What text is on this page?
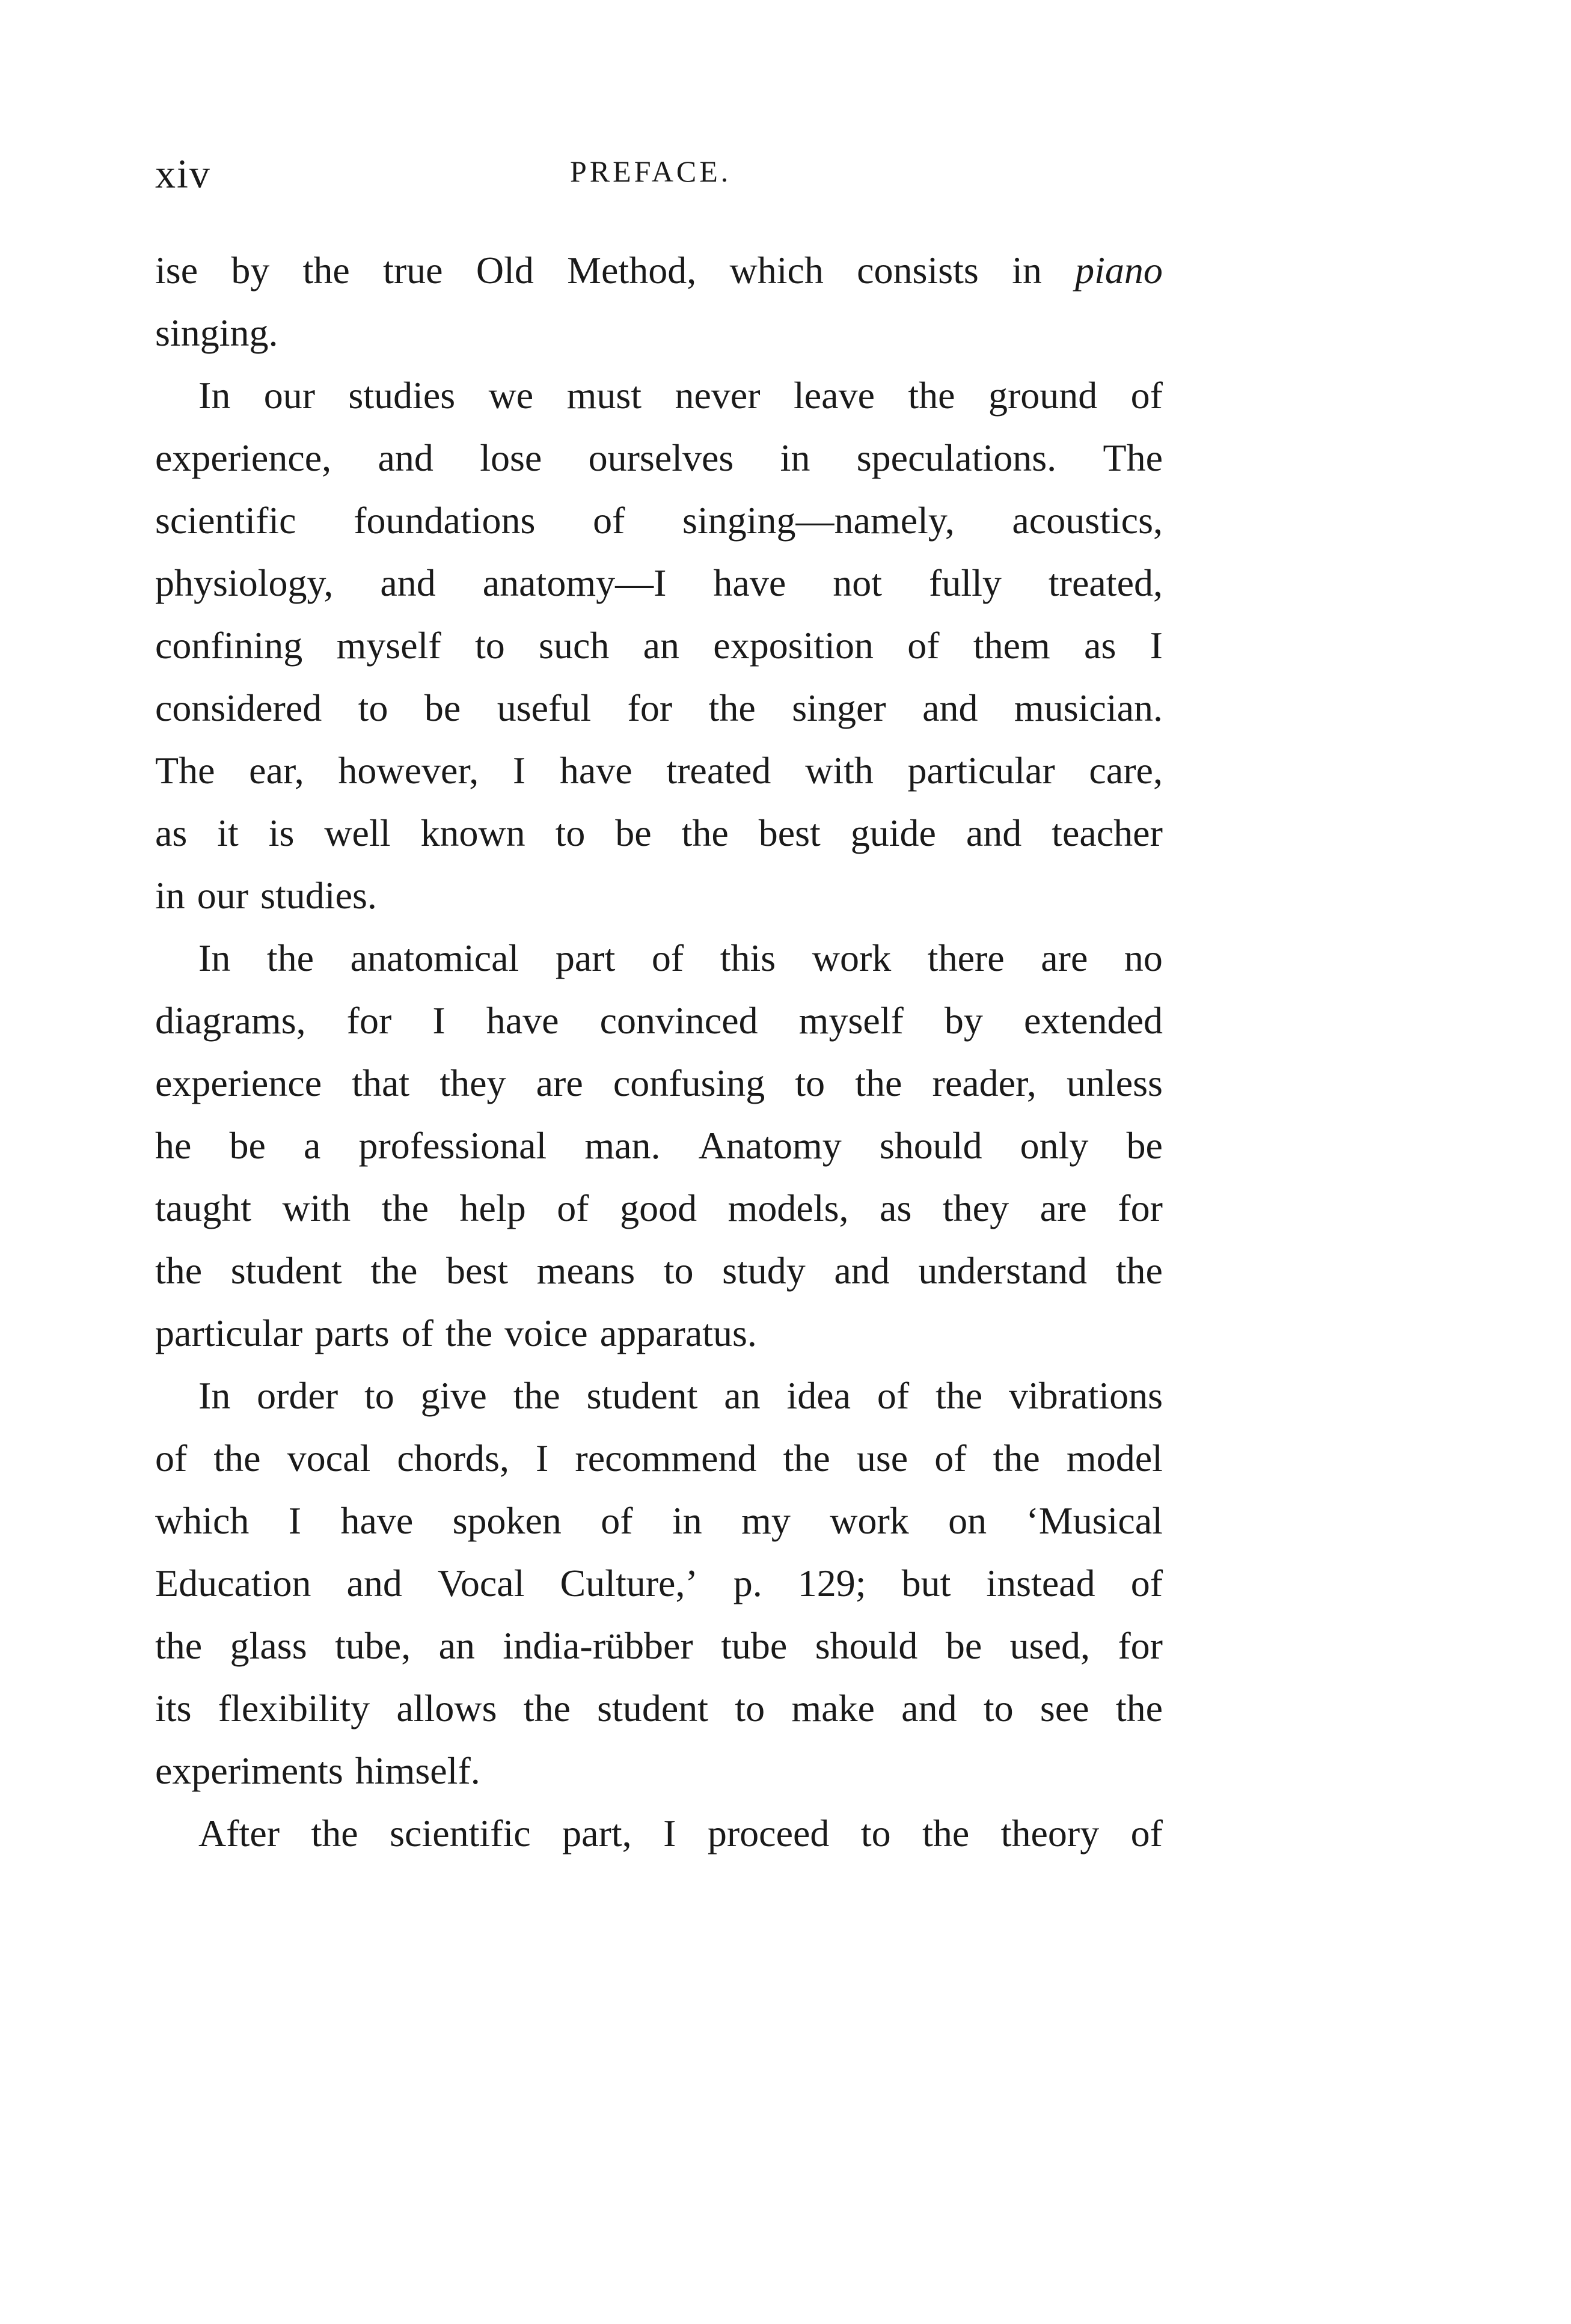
xiv	PREFACE.
ise by the true Old Method, which consists in piano
singing.
In our studies we must never leave the ground of
experience, and lose ourselves in speculations. The
scientific foundations of singing—namely, acoustics,
physiology, and anatomy—I have not fully treated,
confining myself to such an exposition of them as I
considered to be useful for the singer and musician.
The ear, however, I have treated with particular care,
as it is well known to be the best guide and teacher
in our studies.
In the anatomical part of this work there are no
diagrams, for I have convinced myself by extended
experience that they are confusing to the reader, unless
he be a professional man. Anatomy should only be
taught with the help of good models, as they are for
the student the best means to study and understand the
particular parts of the voice apparatus.
In order to give the student an idea of the vibrations
of the vocal chords, I recommend the use of the model
which I have spoken of in my work on ‘Musical
Education and Vocal Culture,’ p. 129; but instead of
the glass tube, an india-rübber tube should be used, for
its flexibility allows the student to make and to see the
experiments himself.
After the scientific part, I proceed to the theory of
